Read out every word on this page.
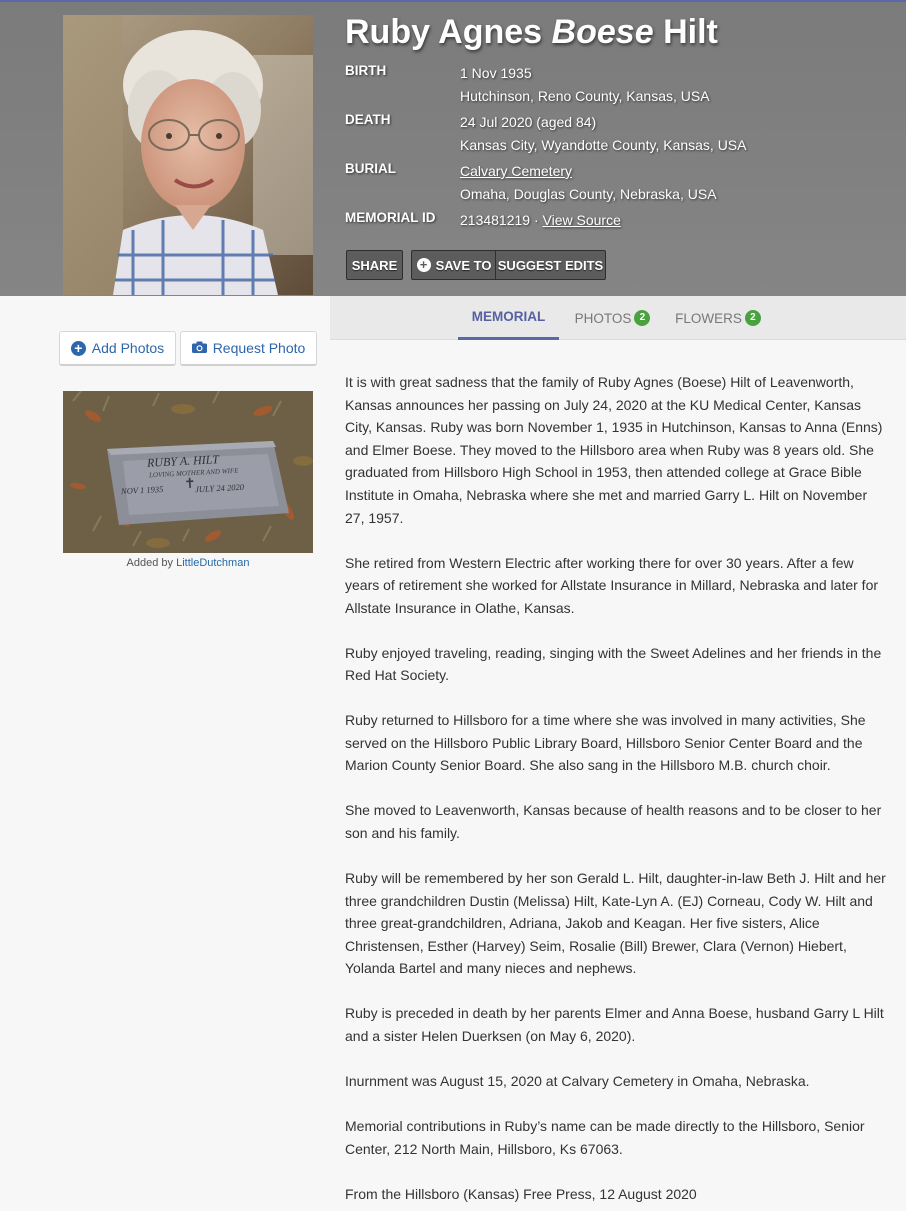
Ruby Agnes Boese Hilt
BIRTH	1 Nov 1935
Hutchinson, Reno County, Kansas, USA
DEATH	24 Jul 2020 (aged 84)
Kansas City, Wyandotte County, Kansas, USA
BURIAL	Calvary Cemetery
Omaha, Douglas County, Nebraska, USA
MEMORIAL ID 213481219 · View Source
SHARE	+ SAVE TO SUGGEST EDITS
MEMORIAL PHOTOS 2	FLOWERS 2
+ Add Photos	Request Photo
RUBY A. HILT
LOVING MOTHER AND WIFE
NOV 1 1935 ✝
JULY 24 2020
Added by LittleDutchman

It is with great sadness that the family of Ruby Agnes (Boese) Hilt of Leavenworth, Kansas announces her passing on July 24, 2020 at the KU Medical Center, Kansas City, Kansas. Ruby was born November 1, 1935 in Hutchinson, Kansas to Anna (Enns) and Elmer Boese. They moved to the Hillsboro area when Ruby was 8 years old. She graduated from Hillsboro High School in 1953, then attended college at Grace Bible Institute in Omaha, Nebraska where she met and married Garry L. Hilt on November 27, 1957.

She retired from Western Electric after working there for over 30 years. After a few years of retirement she worked for Allstate Insurance in Millard, Nebraska and later for Allstate Insurance in Olathe, Kansas.

Ruby enjoyed traveling, reading, singing with the Sweet Adelines and her friends in the Red Hat Society.

Ruby returned to Hillsboro for a time where she was involved in many activities, She served on the Hillsboro Public Library Board, Hillsboro Senior Center Board and the Marion County Senior Board. She also sang in the Hillsboro M.B. church choir.

She moved to Leavenworth, Kansas because of health reasons and to be closer to her son and his family.

Ruby will be remembered by her son Gerald L. Hilt, daughter-in-law Beth J. Hilt and her three grandchildren Dustin (Melissa) Hilt, Kate-Lyn A. (EJ) Corneau, Cody W. Hilt and three great-grandchildren, Adriana, Jakob and Keagan. Her five sisters, Alice Christensen, Esther (Harvey) Seim, Rosalie (Bill) Brewer, Clara (Vernon) Hiebert, Yolanda Bartel and many nieces and nephews.

Ruby is preceded in death by her parents Elmer and Anna Boese, husband Garry L Hilt and a sister Helen Duerksen (on May 6, 2020).

Inurnment was August 15, 2020 at Calvary Cemetery in Omaha, Nebraska.

Memorial contributions in Ruby’s name can be made directly to the Hillsboro, Senior Center, 212 North Main, Hillsboro, Ks 67063.

From the Hillsboro (Kansas) Free Press, 12 August 2020
